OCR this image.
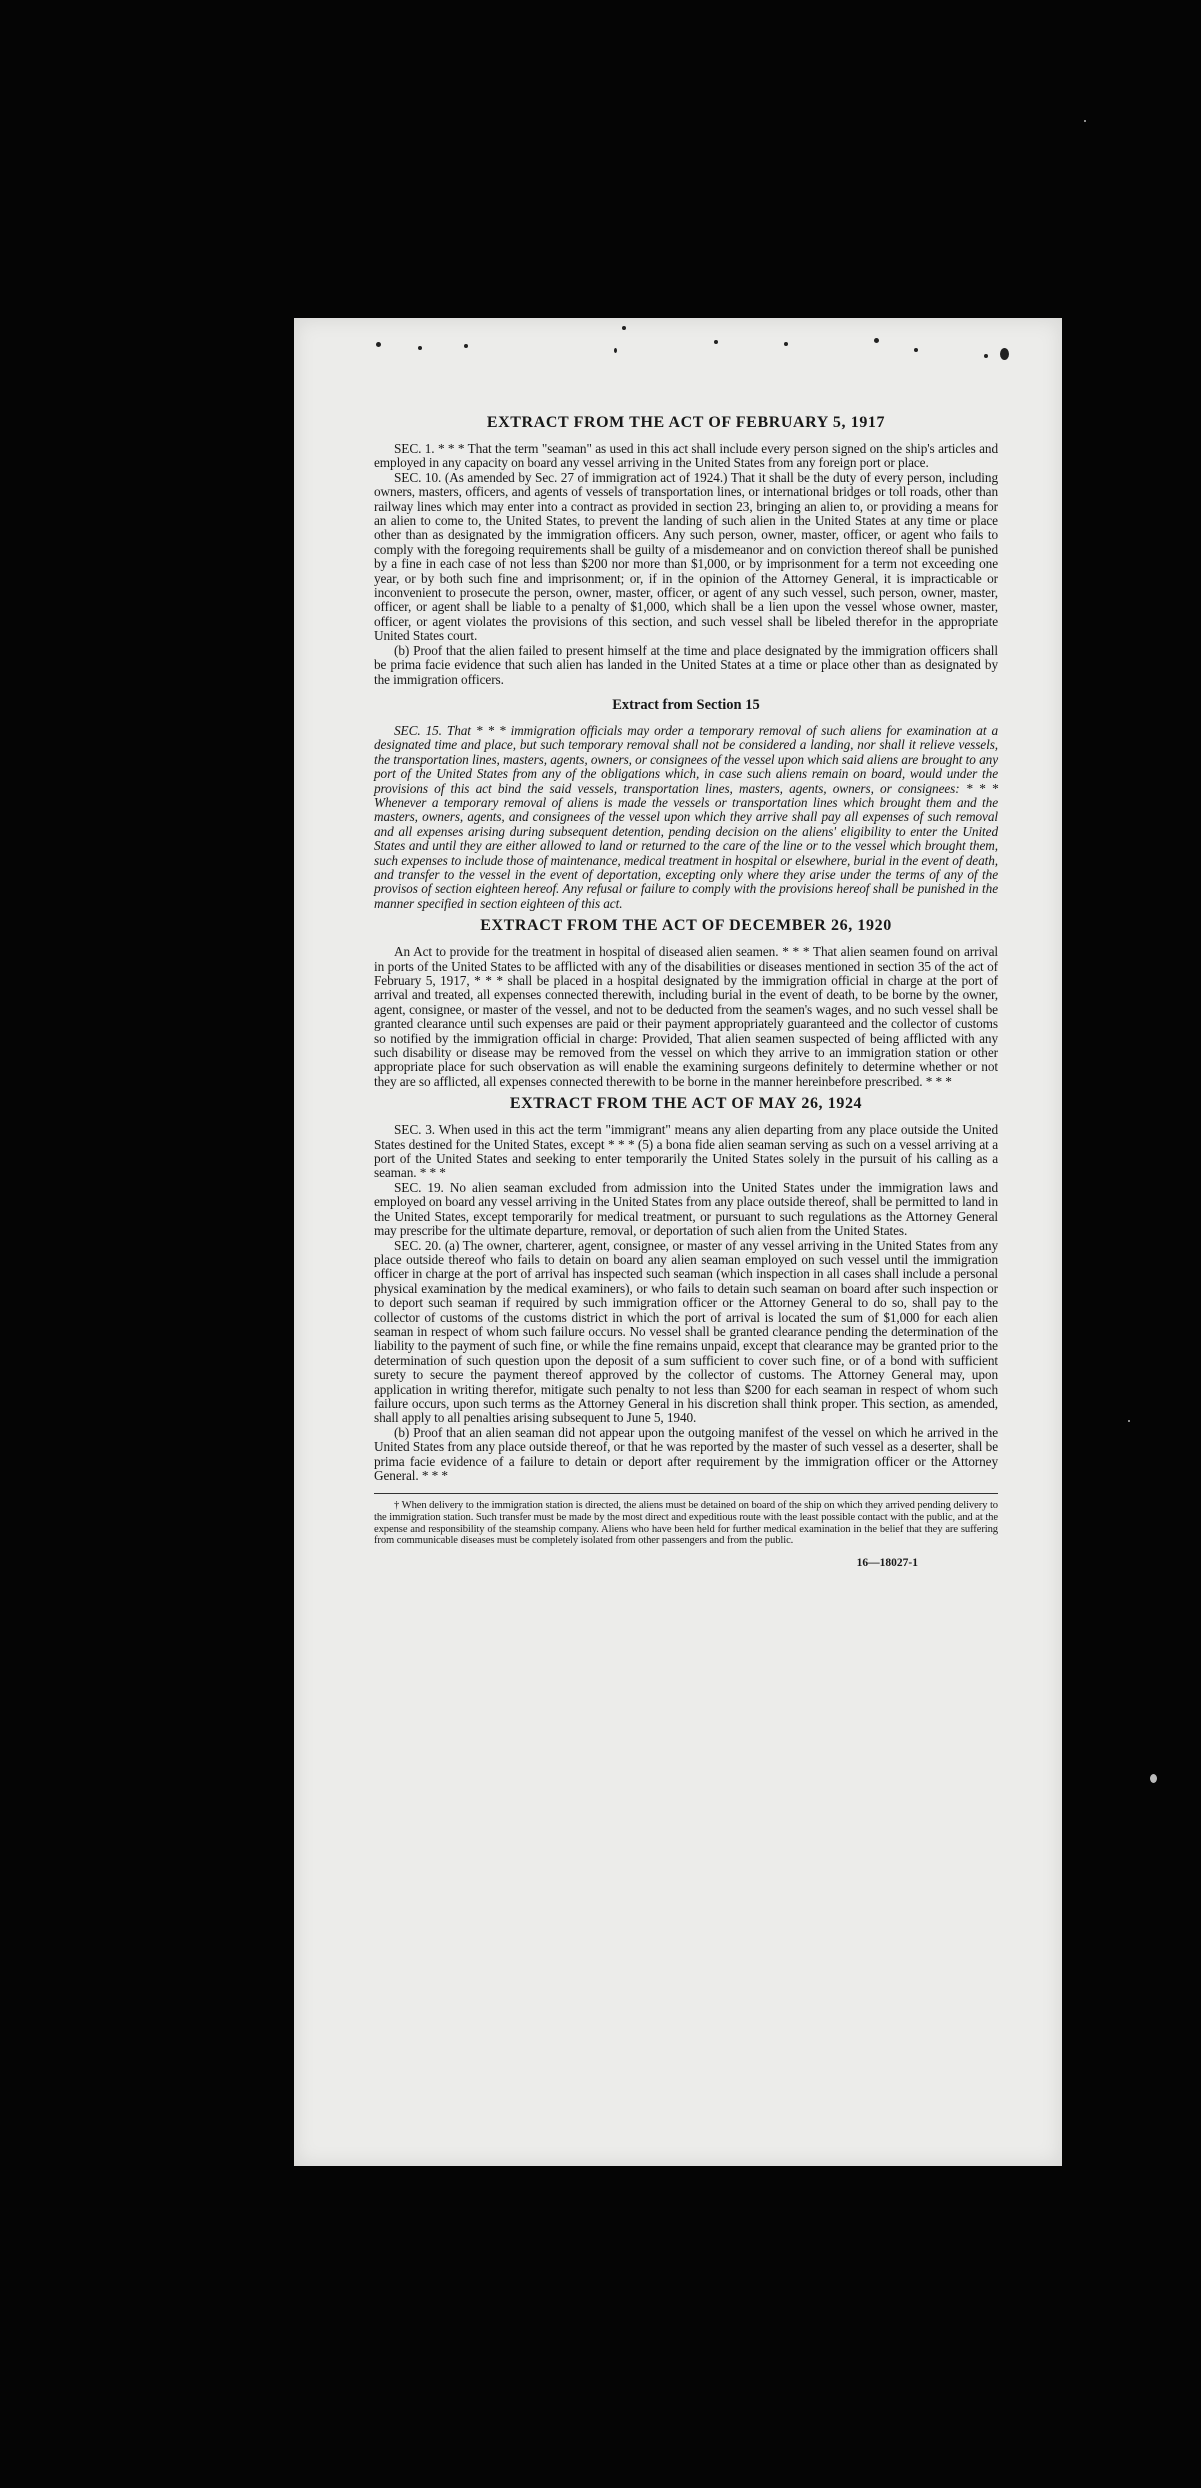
EXTRACT FROM THE ACT OF FEBRUARY 5, 1917

SEC. 1. * * * That the term "seaman" as used in this act shall include every person signed on the ship's articles and employed in any capacity on board any vessel arriving in the United States from any foreign port or place.

SEC. 10. (As amended by Sec. 27 of immigration act of 1924.) That it shall be the duty of every person, including owners, masters, officers, and agents of vessels of transportation lines, or international bridges or toll roads, other than railway lines which may enter into a contract as provided in section 23, bringing an alien to, or providing a means for an alien to come to, the United States, to prevent the landing of such alien in the United States at any time or place other than as designated by the immigration officers. Any such person, owner, master, officer, or agent who fails to comply with the foregoing requirements shall be guilty of a misdemeanor and on conviction thereof shall be punished by a fine in each case of not less than $200 nor more than $1,000, or by imprisonment for a term not exceeding one year, or by both such fine and imprisonment; or, if in the opinion of the Attorney General, it is impracticable or inconvenient to prosecute the person, owner, master, officer, or agent of any such vessel, such person, owner, master, officer, or agent shall be liable to a penalty of $1,000, which shall be a lien upon the vessel whose owner, master, officer, or agent violates the provisions of this section, and such vessel shall be libeled therefor in the appropriate United States court.

(b) Proof that the alien failed to present himself at the time and place designated by the immigration officers shall be prima facie evidence that such alien has landed in the United States at a time or place other than as designated by the immigration officers.

Extract from Section 15

SEC. 15. That * * * immigration officials may order a temporary removal of such aliens for examination at a designated time and place, but such temporary removal shall not be considered a landing, nor shall it relieve vessels, the transportation lines, masters, agents, owners, or consignees of the vessel upon which said aliens are brought to any port of the United States from any of the obligations which, in case such aliens remain on board, would under the provisions of this act bind the said vessels, transportation lines, masters, agents, owners, or consignees: * * * Whenever a temporary removal of aliens is made the vessels or transportation lines which brought them and the masters, owners, agents, and consignees of the vessel upon which they arrive shall pay all expenses of such removal and all expenses arising during subsequent detention, pending decision on the aliens' eligibility to enter the United States and until they are either allowed to land or returned to the care of the line or to the vessel which brought them, such expenses to include those of maintenance, medical treatment in hospital or elsewhere, burial in the event of death, and transfer to the vessel in the event of deportation, excepting only where they arise under the terms of any of the provisos of section eighteen hereof. Any refusal or failure to comply with the provisions hereof shall be punished in the manner specified in section eighteen of this act.

EXTRACT FROM THE ACT OF DECEMBER 26, 1920

An Act to provide for the treatment in hospital of diseased alien seamen. * * * That alien seamen found on arrival in ports of the United States to be afflicted with any of the disabilities or diseases mentioned in section 35 of the act of February 5, 1917, * * * shall be placed in a hospital designated by the immigration official in charge at the port of arrival and treated, all expenses connected therewith, including burial in the event of death, to be borne by the owner, agent, consignee, or master of the vessel, and not to be deducted from the seamen's wages, and no such vessel shall be granted clearance until such expenses are paid or their payment appropriately guaranteed and the collector of customs so notified by the immigration official in charge: Provided, That alien seamen suspected of being afflicted with any such disability or disease may be removed from the vessel on which they arrive to an immigration station or other appropriate place for such observation as will enable the examining surgeons definitely to determine whether or not they are so afflicted, all expenses connected therewith to be borne in the manner hereinbefore prescribed. * * *

EXTRACT FROM THE ACT OF MAY 26, 1924

SEC. 3. When used in this act the term "immigrant" means any alien departing from any place outside the United States destined for the United States, except * * * (5) a bona fide alien seaman serving as such on a vessel arriving at a port of the United States and seeking to enter temporarily the United States solely in the pursuit of his calling as a seaman. * * *

SEC. 19. No alien seaman excluded from admission into the United States under the immigration laws and employed on board any vessel arriving in the United States from any place outside thereof, shall be permitted to land in the United States, except temporarily for medical treatment, or pursuant to such regulations as the Attorney General may prescribe for the ultimate departure, removal, or deportation of such alien from the United States.

SEC. 20. (a) The owner, charterer, agent, consignee, or master of any vessel arriving in the United States from any place outside thereof who fails to detain on board any alien seaman employed on such vessel until the immigration officer in charge at the port of arrival has inspected such seaman (which inspection in all cases shall include a personal physical examination by the medical examiners), or who fails to detain such seaman on board after such inspection or to deport such seaman if required by such immigration officer or the Attorney General to do so, shall pay to the collector of customs of the customs district in which the port of arrival is located the sum of $1,000 for each alien seaman in respect of whom such failure occurs. No vessel shall be granted clearance pending the determination of the liability to the payment of such fine, or while the fine remains unpaid, except that clearance may be granted prior to the determination of such question upon the deposit of a sum sufficient to cover such fine, or of a bond with sufficient surety to secure the payment thereof approved by the collector of customs. The Attorney General may, upon application in writing therefor, mitigate such penalty to not less than $200 for each seaman in respect of whom such failure occurs, upon such terms as the Attorney General in his discretion shall think proper. This section, as amended, shall apply to all penalties arising subsequent to June 5, 1940.

(b) Proof that an alien seaman did not appear upon the outgoing manifest of the vessel on which he arrived in the United States from any place outside thereof, or that he was reported by the master of such vessel as a deserter, shall be prima facie evidence of a failure to detain or deport after requirement by the immigration officer or the Attorney General. * * *

† When delivery to the immigration station is directed, the aliens must be detained on board of the ship on which they arrived pending delivery to the immigration station. Such transfer must be made by the most direct and expeditious route with the least possible contact with the public, and at the expense and responsibility of the steamship company. Aliens who have been held for further medical examination in the belief that they are suffering from communicable diseases must be completely isolated from other passengers and from the public.

16—18027-1
